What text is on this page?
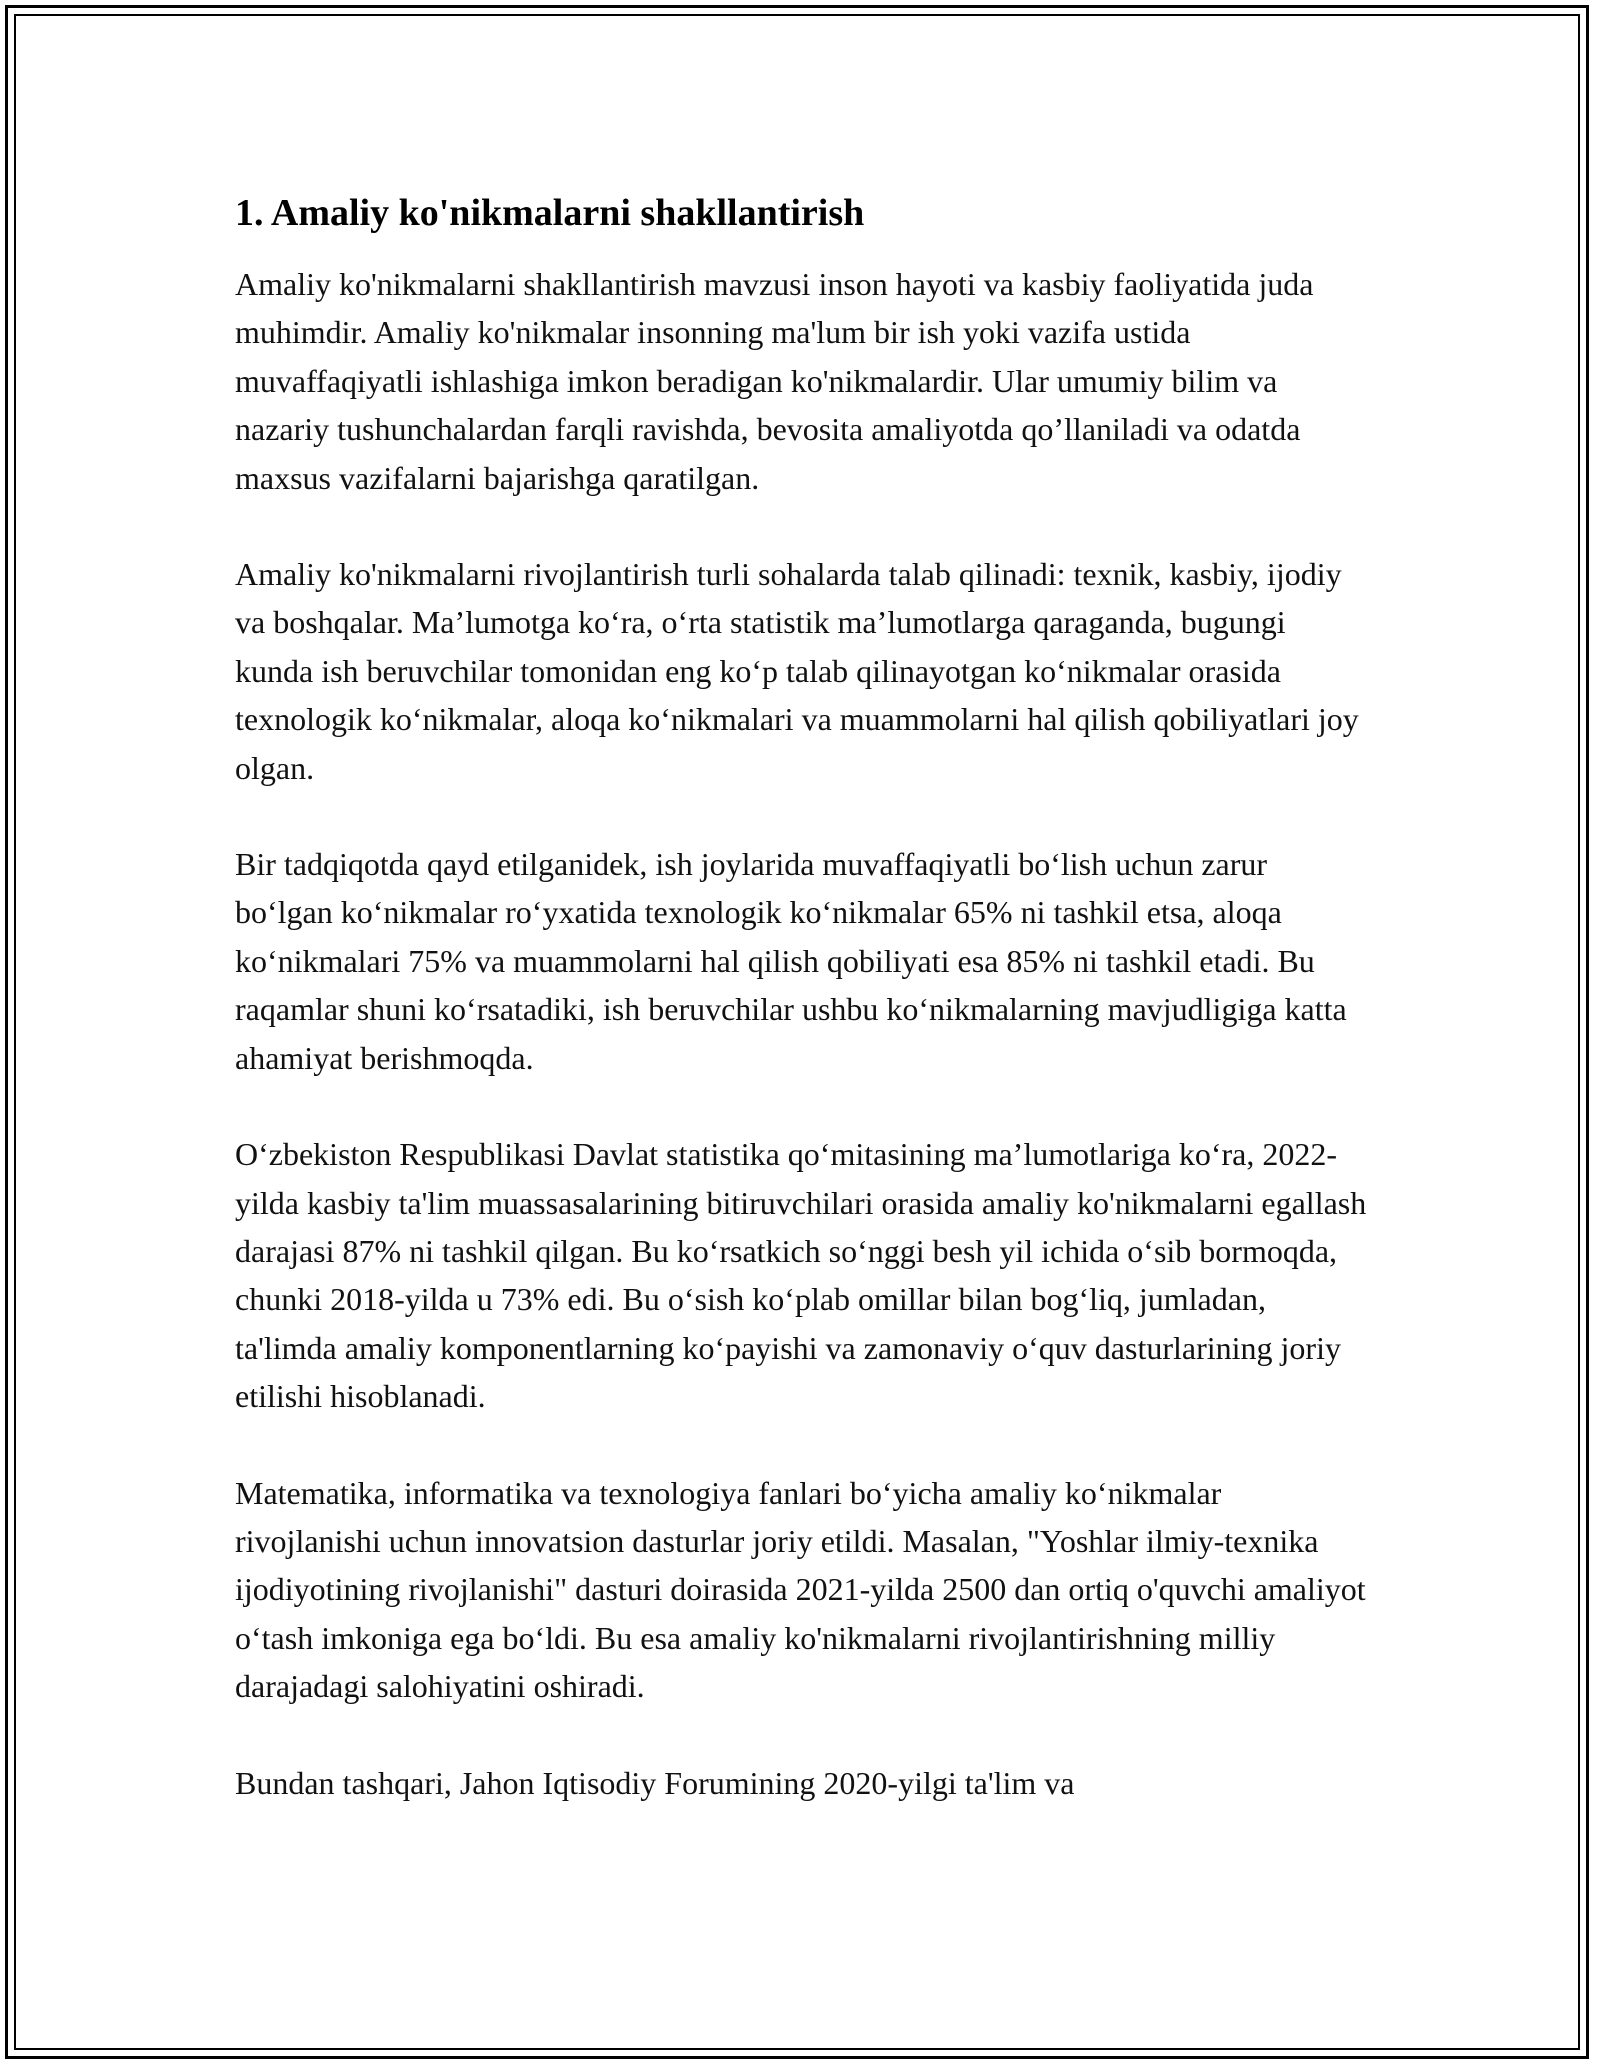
1. Amaliy ko'nikmalarni shakllantirish

Amaliy ko'nikmalarni shakllantirish mavzusi inson hayoti va kasbiy faoliyatida juda muhimdir. Amaliy ko'nikmalar insonning ma'lum bir ish yoki vazifa ustida muvaffaqiyatli ishlashiga imkon beradigan ko'nikmalardir. Ular umumiy bilim va nazariy tushunchalardan farqli ravishda, bevosita amaliyotda qo’llaniladi va odatda maxsus vazifalarni bajarishga qaratilgan.

Amaliy ko'nikmalarni rivojlantirish turli sohalarda talab qilinadi: texnik, kasbiy, ijodiy va boshqalar. Ma’lumotga ko‘ra, o‘rta statistik ma’lumotlarga qaraganda, bugungi kunda ish beruvchilar tomonidan eng ko‘p talab qilinayotgan ko‘nikmalar orasida texnologik ko‘nikmalar, aloqa ko‘nikmalari va muammolarni hal qilish qobiliyatlari joy olgan.

Bir tadqiqotda qayd etilganidek, ish joylarida muvaffaqiyatli bo‘lish uchun zarur bo‘lgan ko‘nikmalar ro‘yxatida texnologik ko‘nikmalar 65% ni tashkil etsa, aloqa ko‘nikmalari 75% va muammolarni hal qilish qobiliyati esa 85% ni tashkil etadi. Bu raqamlar shuni ko‘rsatadiki, ish beruvchilar ushbu ko‘nikmalarning mavjudligiga katta ahamiyat berishmoqda.

O‘zbekiston Respublikasi Davlat statistika qo‘mitasining ma’lumotlariga ko‘ra, 2022-yilda kasbiy ta'lim muassasalarining bitiruvchilari orasida amaliy ko'nikmalarni egallash darajasi 87% ni tashkil qilgan. Bu ko‘rsatkich so‘nggi besh yil ichida o‘sib bormoqda, chunki 2018-yilda u 73% edi. Bu o‘sish ko‘plab omillar bilan bog‘liq, jumladan, ta'limda amaliy komponentlarning ko‘payishi va zamonaviy o‘quv dasturlarining joriy etilishi hisoblanadi.

Matematika, informatika va texnologiya fanlari bo‘yicha amaliy ko‘nikmalar rivojlanishi uchun innovatsion dasturlar joriy etildi. Masalan, "Yoshlar ilmiy-texnika ijodiyotining rivojlanishi" dasturi doirasida 2021-yilda 2500 dan ortiq o'quvchi amaliyot o‘tash imkoniga ega bo‘ldi. Bu esa amaliy ko'nikmalarni rivojlantirishning milliy darajadagi salohiyatini oshiradi.

Bundan tashqari, Jahon Iqtisodiy Forumining 2020-yilgi ta'lim va
